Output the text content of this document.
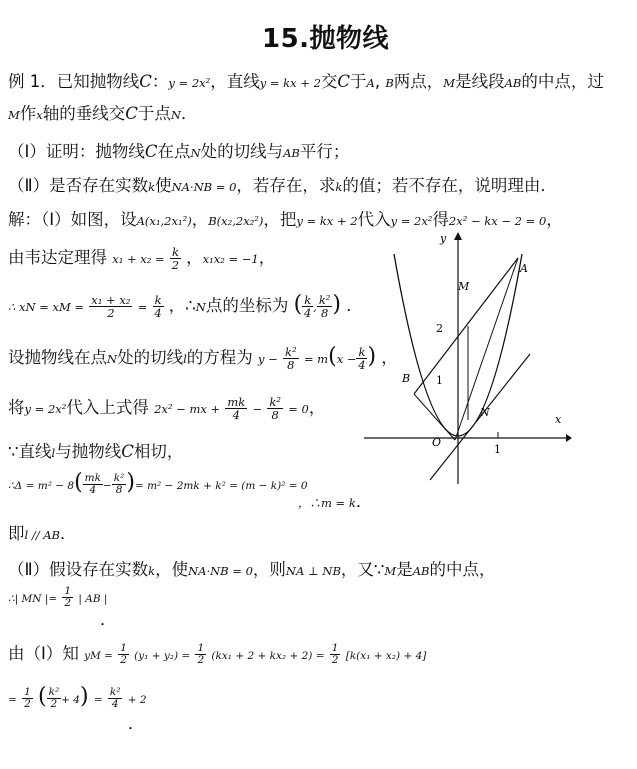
15.抛物线
例 1．已知抛物线C：y = 2x²，直线y = kx + 2交C于A, B两点，M是线段AB的中点，过
M作x轴的垂线交C于点N．
（Ⅰ）证明：抛物线C在点N处的切线与AB平行；
（Ⅱ）是否存在实数k使NA·NB = 0，若存在，求k的值；若不存在，说明理由．
解：（Ⅰ）如图，设A(x₁,2x₁²)，B(x₂,2x₂²)，把y = kx + 2代入y = 2x²得2x² − kx − 2 = 0，
由韦达定理得 $x_1 + x_2 = \frac{k}{2}$ ，x₁x₂ = −1，
∴ xN = xM = $\frac{\text{x₁ + x₂}}{2} = \frac{k}{4}$ ，∴N点的坐标为 ( $\frac{k}{4}$ , $\frac{\text{k²}}{8}$ ) ．
设抛物线在点N处的切线l的方程为 $y - \frac{\text{k²}}{8} = m(x - \frac{k}{4}$ ) ，
将y = 2x²代入上式得 2x² − mx + $\frac{mk}{4} - \frac{\text{k²}}{8} = 0$，
∵直线l与抛物线C相切，
∴Δ = $m^2 - 8( \frac{mk}{4} - \frac{\text{k²}}{8}$ )= m² − 2mk + k² = (m − k)² = 0
，∴m = k．
即l // AB．
（Ⅱ）假设存在实数k，使NA·NB = 0，则NA ⊥ NB，又∵M是AB的中点，
∴| MN |= $\frac{1}{2}$ | AB |
．
由（Ⅰ）知 yM = $\frac{1}{2} (y_1 + y_2) = \frac{1}{2} (kx_1 + 2 + kx_2 + 2) = \frac{1}{2} [k(x_1 + x_2) + 4]$
= $\frac{1}{2}$ ( $\frac{\text{k²}}{2} + 4) = \frac{\text{k²}}{4} + 2$
．
y
x
O
1
1
2
A
B
M
N
